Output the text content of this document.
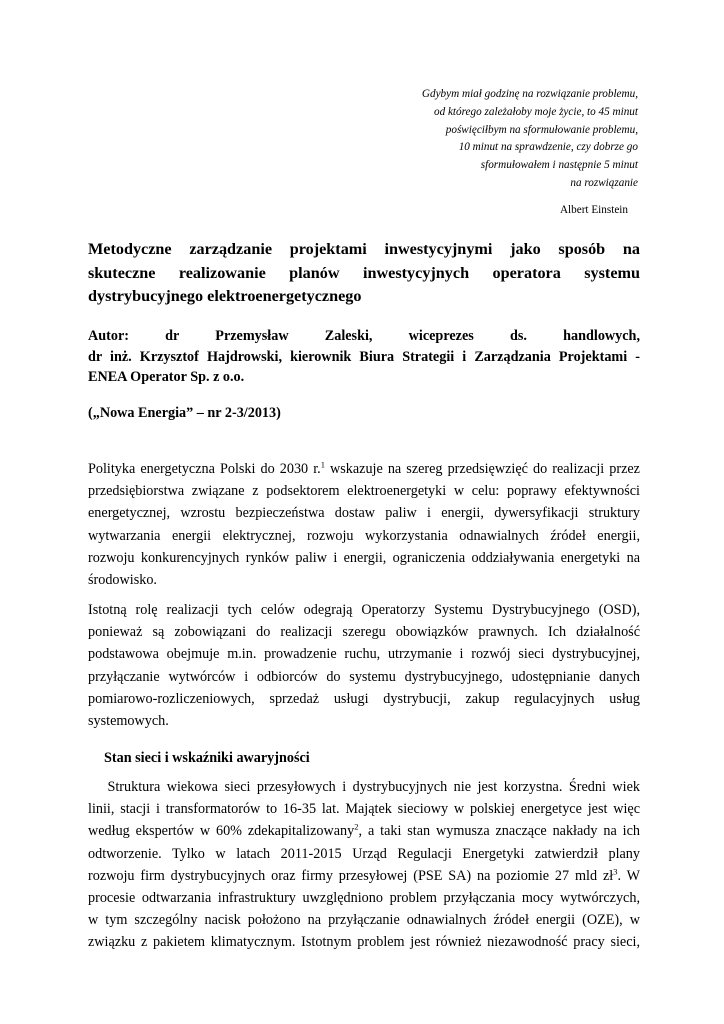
Gdybym miał godzinę na rozwiązanie problemu,
od którego zależałoby moje życie, to 45 minut
poświęciłbym na sformułowanie problemu,
10 minut na sprawdzenie, czy dobrze go
sformułowałem i następnie 5 minut
na rozwiązanie
Albert Einstein
Metodyczne zarządzanie projektami inwestycyjnymi jako sposób na
skuteczne realizowanie planów inwestycyjnych operatora systemu
dystrybucyjnego elektroenergetycznego
Autor: dr Przemysław Zaleski, wiceprezes ds. handlowych,
dr inż. Krzysztof Hajdrowski, kierownik Biura Strategii i Zarządzania Projektami -
ENEA Operator Sp. z o.o.
(„Nowa Energia” – nr 2-3/2013)
Polityka energetyczna Polski do 2030 r.$^1$ wskazuje na szereg przedsięwzięć do realizacji przez
przedsiębiorstwa związane z podsektorem elektroenergetyki w celu: poprawy efektywności
energetycznej, wzrostu bezpieczeństwa dostaw paliw i energii, dywersyfikacji struktury
wytwarzania energii elektrycznej, rozwoju wykorzystania odnawialnych źródeł energii,
rozwoju konkurencyjnych rynków paliw i energii, ograniczenia oddziaływania energetyki na
środowisko.
Istotną rolę realizacji tych celów odegrają Operatorzy Systemu Dystrybucyjnego (OSD),
ponieważ są zobowiązani do realizacji szeregu obowiązków prawnych. Ich działalność
podstawowa obejmuje m.in. prowadzenie ruchu, utrzymanie i rozwój sieci dystrybucyjnej,
przyłączanie wytwórców i odbiorców do systemu dystrybucyjnego, udostępnianie danych
pomiarowo-rozliczeniowych, sprzedaż usługi dystrybucji, zakup regulacyjnych usług
systemowych.
Stan sieci i wskaźniki awaryjności
Struktura wiekowa sieci przesyłowych i dystrybucyjnych nie jest korzystna. Średni wiek
linii, stacji i transformatorów to 16-35 lat. Majątek sieciowy w polskiej energetyce jest więc
według ekspertów w 60% zdekapitalizowany$^2$, a taki stan wymusza znaczące nakłady na ich
odtworzenie. Tylko w latach 2011-2015 Urząd Regulacji Energetyki zatwierdził plany
rozwoju firm dystrybucyjnych oraz firmy przesyłowej (PSE SA) na poziomie 27 mld $zł^3$. W
procesie odtwarzania infrastruktury uwzględniono problem przyłączania mocy wytwórczych,
w tym szczególny nacisk położono na przyłączanie odnawialnych źródeł energii (OZE), w
związku z pakietem klimatycznym. Istotnym problem jest również niezawodność pracy sieci,
